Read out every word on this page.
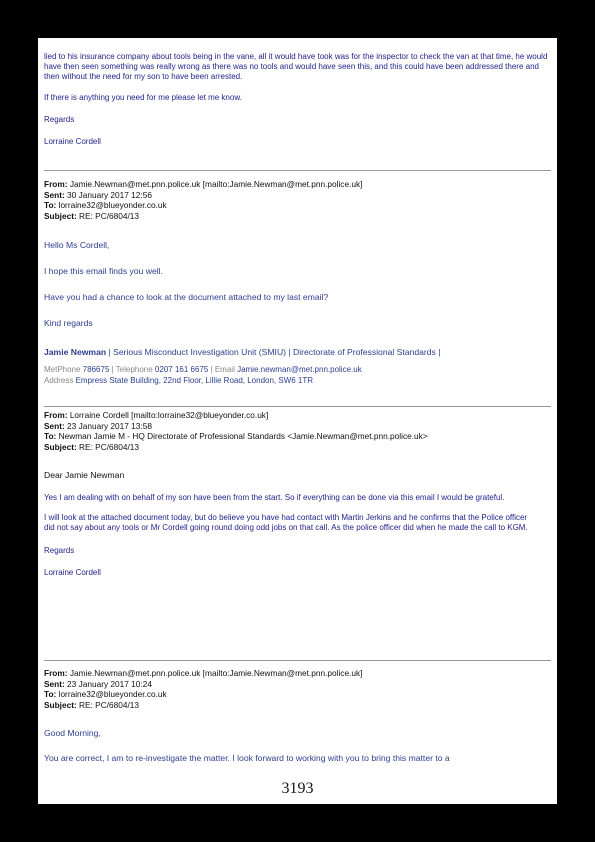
lied to his insurance company about tools being in the vane, all it would have took was for the inspector to check the van at that time, he would have then seen something was really wrong as there was no tools and would have seen this, and this could have been addressed there and then without the need for my son to have been arrested.

If there is anything you need for me please let me know.

Regards

Lorraine Cordell

From: Jamie.Newman@met.pnn.police.uk [mailto:Jamie.Newman@met.pnn.police.uk]

Sent: 30 January 2017 12:56

To: lorraine32@blueyonder.co.uk

Subject: RE: PC/6804/13

Hello Ms Cordell,

I hope this email finds you well.

Have you had a chance to look at the document attached to my last email?

Kind regards

Jamie Newman | Serious Misconduct Investigation Unit (SMIU) | Directorate of Professional Standards |

MetPhone 786675 | Telephone 0207 161 6675 | Email Jamie.newman@met.pnn.police.uk

Address Empress State Building, 22nd Floor, Lillie Road, London, SW6 1TR

From: Lorraine Cordell [mailto:lorraine32@blueyonder.co.uk]

Sent: 23 January 2017 13:58

To: Newman Jamie M - HQ Directorate of Professional Standards <Jamie.Newman@met.pnn.police.uk>

Subject: RE: PC/6804/13

Dear Jamie Newman

Yes I am dealing with on behalf of my son have been from the start. So if everything can be done via this email I would be grateful.

I will look at the attached document today, but do believe you have had contact with Martin Jerkins and he confirms that the Police officer

did not say about any tools or Mr Cordell going round doing odd jobs on that call. As the police officer did when he made the call to KGM.

Regards

Lorraine Cordell

From: Jamie.Newman@met.pnn.police.uk [mailto:Jamie.Newman@met.pnn.police.uk]

Sent: 23 January 2017 10:24

To: lorraine32@blueyonder.co.uk

Subject: RE: PC/6804/13

Good Morning,

You are correct, I am to re-investigate the matter. I look forward to working with you to bring this matter to a

3193
